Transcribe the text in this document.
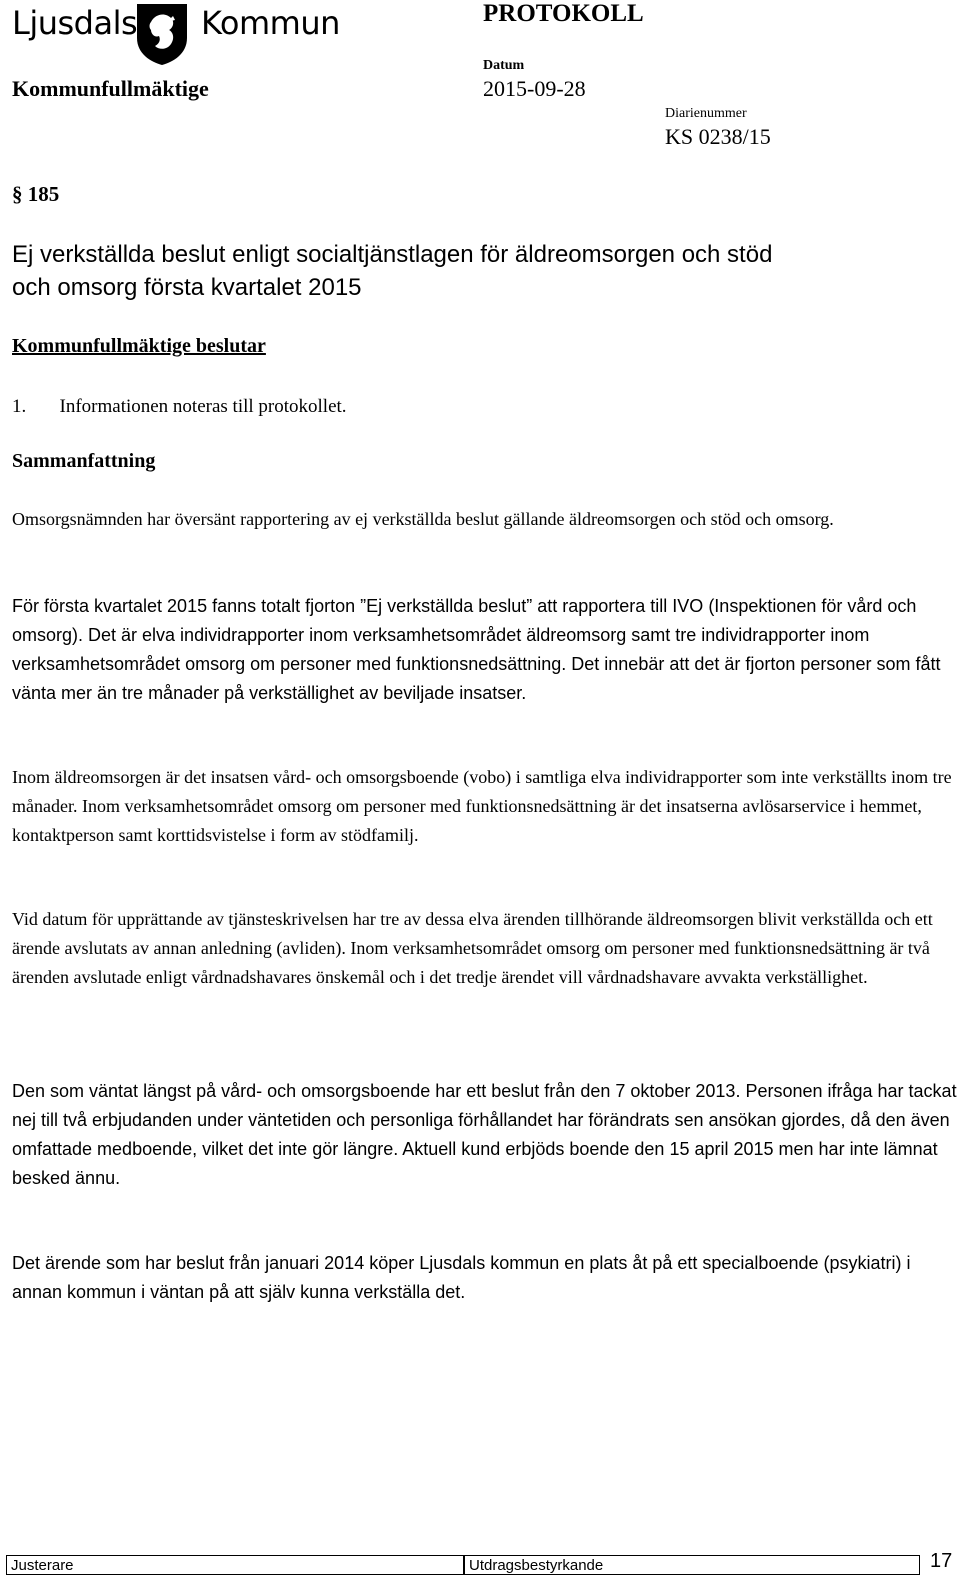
Ljusdals Kommun	PROTOKOLL
Kommunfullmäktige
Datum
2015-09-28
Diarienummer
KS 0238/15
§ 185
Ej verkställda beslut enligt socialtjänstlagen för äldreomsorgen och stöd
och omsorg första kvartalet 2015
Kommunfullmäktige beslutar
1.       Informationen noteras till protokollet.
Sammanfattning

Omsorgsnämnden har översänt rapportering av ej verkställda beslut gällande äldreomsorgen och stöd och omsorg.

För första kvartalet 2015 fanns totalt fjorton ”Ej verkställda beslut” att rapportera till IVO (Inspektionen för vård och omsorg). Det är elva individrapporter inom verksamhetsområdet äldreomsorg samt tre individrapporter inom verksamhetsområdet omsorg om personer med funktionsnedsättning. Det innebär att det är fjorton personer som fått vänta mer än tre månader på verkställighet av beviljade insatser.

Inom äldreomsorgen är det insatsen vård- och omsorgsboende (vobo) i samtliga elva individrapporter som inte verkställts inom tre månader. Inom verksamhetsområdet omsorg om personer med funktionsnedsättning är det insatserna avlösarservice i hemmet, kontaktperson samt korttidsvistelse i form av stödfamilj.

Vid datum för upprättande av tjänsteskrivelsen har tre av dessa elva ärenden tillhörande äldreomsorgen blivit verkställda och ett ärende avslutats av annan anledning (avliden). Inom verksamhetsområdet omsorg om personer med funktionsnedsättning är två ärenden avslutade enligt vårdnadshavares önskemål och i det tredje ärendet vill vårdnadshavare avvakta verkställighet.

Den som väntat längst på vård- och omsorgsboende har ett beslut från den 7 oktober 2013. Personen ifråga har tackat nej till två erbjudanden under väntetiden och personliga förhållandet har förändrats sen ansökan gjordes, då den även omfattade medboende, vilket det inte gör längre. Aktuell kund erbjöds boende den 15 april 2015 men har inte lämnat besked ännu.

Det ärende som har beslut från januari 2014 köper Ljusdals kommun en plats åt på ett specialboende (psykiatri) i annan kommun i väntan på att själv kunna verkställa det.

Justerare	Utdragsbestyrkande	17
